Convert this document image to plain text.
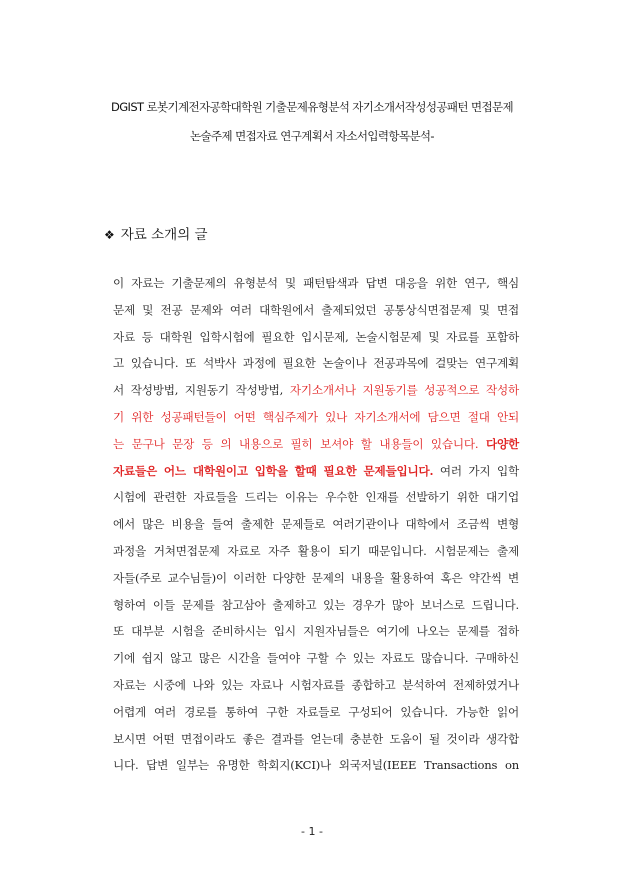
DGIST 로봇기계전자공학대학원 기출문제유형분석 자기소개서작성성공패턴 면접문제
논술주제 면접자료 연구계획서 자소서입력항목분석-
❖ 자료 소개의 글
이 자료는 기출문제의 유형분석 및 패턴탐색과 답변 대응을 위한 연구, 핵심
문제 및 전공 문제와 여러 대학원에서 출제되었던 공통상식면접문제 및 면접
자료 등 대학원 입학시험에 필요한 입시문제, 논술시험문제 및 자료를 포함하
고 있습니다. 또 석박사 과정에 필요한 논술이나 전공과목에 걸맞는 연구계획
서 작성방법, 지원동기 작성방법, 자기소개서나 지원동기를 성공적으로 작성하
기 위한 성공패턴들이 어떤 핵심주제가 있나 자기소개서에 담으면 절대 안되
는 문구나 문장 등 의 내용으로 필히 보셔야 할 내용들이 있습니다. 다양한
자료들은 어느 대학원이고 입학을 할때 필요한 문제들입니다. 여러 가지 입학
시험에 관련한 자료들을 드리는 이유는 우수한 인재를 선발하기 위한 대기업
에서 많은 비용을 들여 출제한 문제들로 여러기관이나 대학에서 조금씩 변형
과정을 거쳐면접문제 자료로 자주 활용이 되기 때문입니다. 시험문제는 출제
자들(주로 교수님들)이 이러한 다양한 문제의 내용을 활용하여 혹은 약간씩 변
형하여 이들 문제를 참고삼아 출제하고 있는 경우가 많아 보너스로 드립니다.
또 대부분 시험을 준비하시는 입시 지원자님들은 여기에 나오는 문제를 접하
기에 쉽지 않고 많은 시간을 들여야 구할 수 있는 자료도 많습니다. 구매하신
자료는 시중에 나와 있는 자료나 시험자료를 종합하고 분석하여 전제하였거나
어렵게 여러 경로를 통하여 구한 자료들로 구성되어 있습니다. 가능한 읽어
보시면 어떤 면접이라도 좋은 결과를 얻는데 충분한 도움이 될 것이라 생각합
니다. 답변 일부는 유명한 학회지(KCI)나 외국저널(IEEE Transactions on
- 1 -
